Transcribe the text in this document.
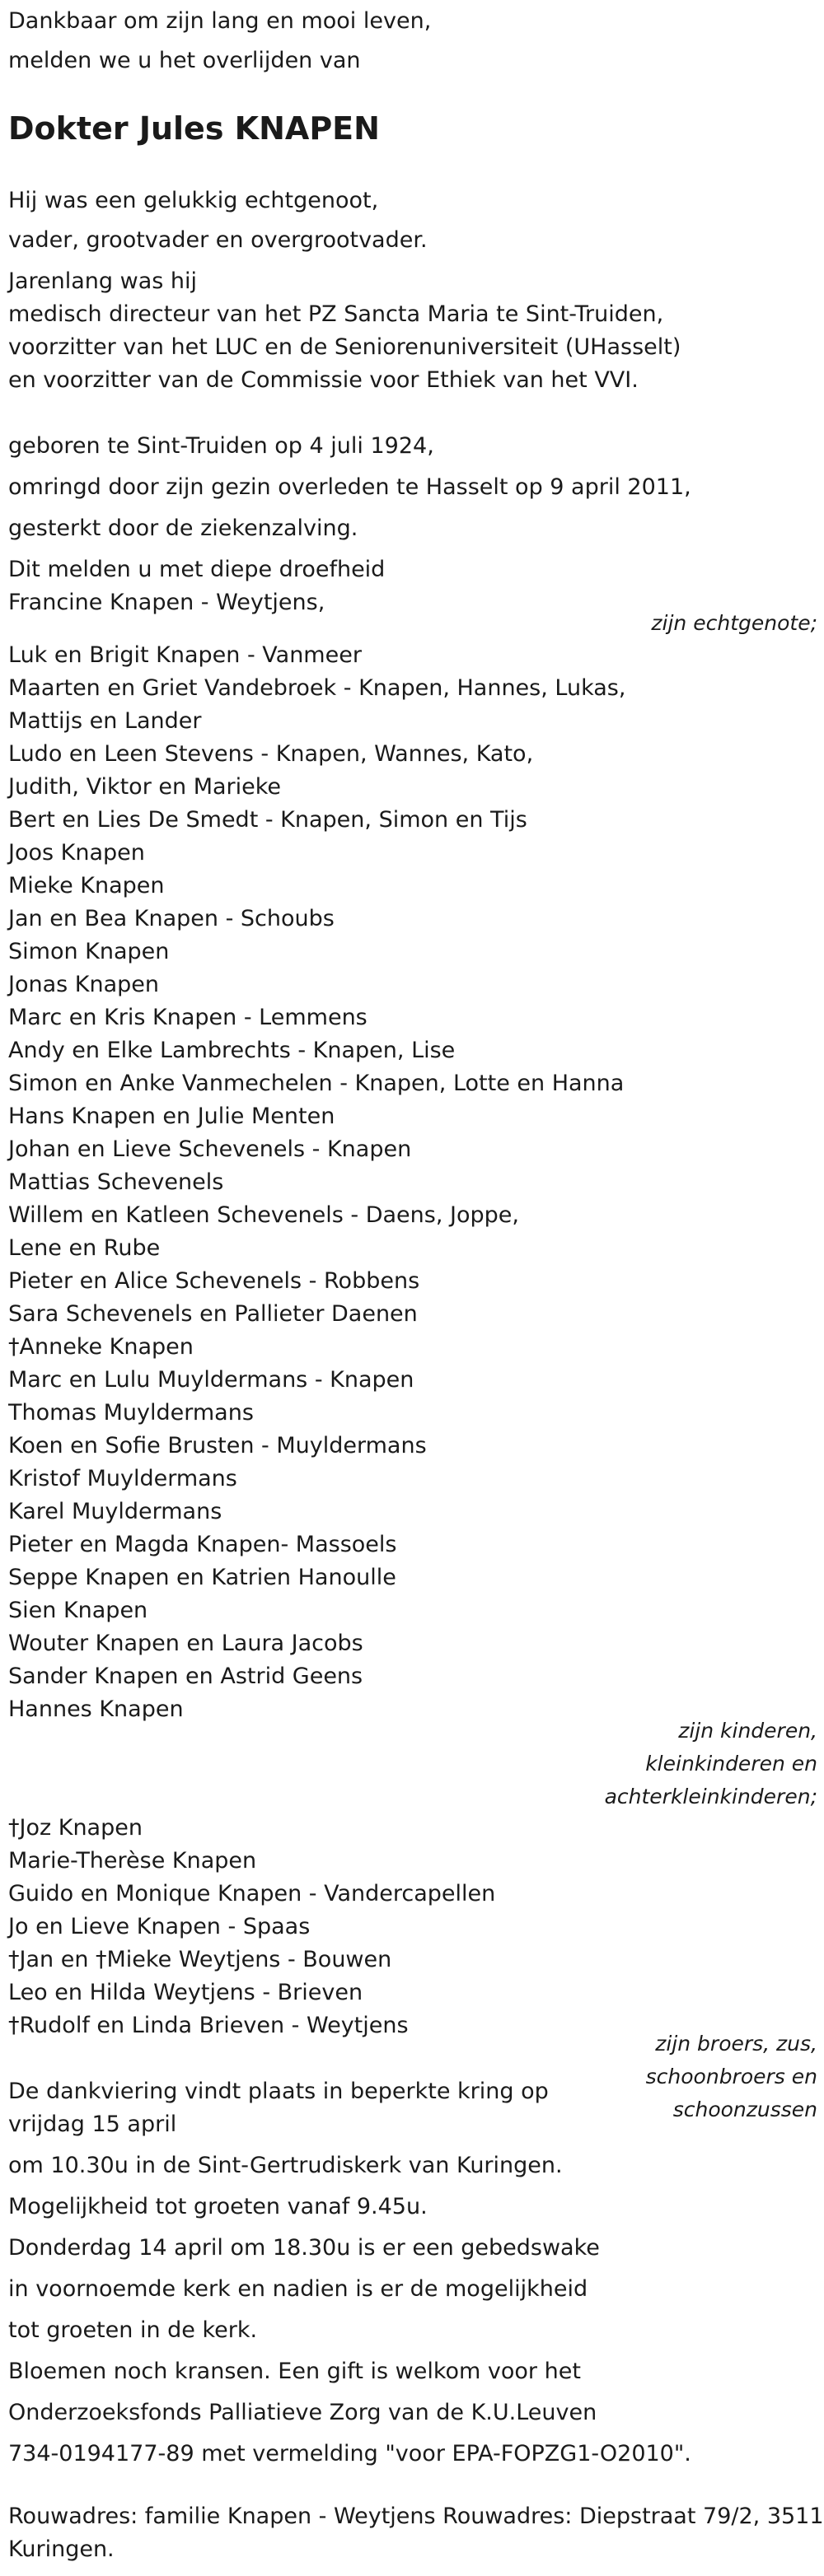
Dankbaar om zijn lang en mooi leven,
melden we u het overlijden van
Dokter Jules KNAPEN
Hij was een gelukkig echtgenoot,
vader, grootvader en overgrootvader.
Jarenlang was hij
medisch directeur van het PZ Sancta Maria te Sint-Truiden,
voorzitter van het LUC en de Seniorenuniversiteit (UHasselt)
en voorzitter van de Commissie voor Ethiek van het VVI.
geboren te Sint-Truiden op 4 juli 1924,
omringd door zijn gezin overleden te Hasselt op 9 april 2011,
gesterkt door de ziekenzalving.
Dit melden u met diepe droefheid
Francine Knapen - Weytjens,
zijn echtgenote;
Luk en Brigit Knapen - Vanmeer
Maarten en Griet Vandebroek - Knapen, Hannes, Lukas,
Mattijs en Lander
Ludo en Leen Stevens - Knapen, Wannes, Kato,
Judith, Viktor en Marieke
Bert en Lies De Smedt - Knapen, Simon en Tijs
Joos Knapen
Mieke Knapen
Jan en Bea Knapen - Schoubs
Simon Knapen
Jonas Knapen
Marc en Kris Knapen - Lemmens
Andy en Elke Lambrechts - Knapen, Lise
Simon en Anke Vanmechelen - Knapen, Lotte en Hanna
Hans Knapen en Julie Menten
Johan en Lieve Schevenels - Knapen
Mattias Schevenels
Willem en Katleen Schevenels - Daens, Joppe,
Lene en Rube
Pieter en Alice Schevenels - Robbens
Sara Schevenels en Pallieter Daenen
†Anneke Knapen
Marc en Lulu Muyldermans - Knapen
Thomas Muyldermans
Koen en Sofie Brusten - Muyldermans
Kristof Muyldermans
Karel Muyldermans
Pieter en Magda Knapen- Massoels
Seppe Knapen en Katrien Hanoulle
Sien Knapen
Wouter Knapen en Laura Jacobs
Sander Knapen en Astrid Geens
Hannes Knapen
zijn kinderen,
kleinkinderen en
achterkleinkinderen;
†Joz Knapen
Marie-Therèse Knapen
Guido en Monique Knapen - Vandercapellen
Jo en Lieve Knapen - Spaas
†Jan en †Mieke Weytjens - Bouwen
Leo en Hilda Weytjens - Brieven
†Rudolf en Linda Brieven - Weytjens
zijn broers, zus,
schoonbroers en
schoonzussen
De dankviering vindt plaats in beperkte kring op
vrijdag 15 april
om 10.30u in de Sint-Gertrudiskerk van Kuringen.
Mogelijkheid tot groeten vanaf 9.45u.
Donderdag 14 april om 18.30u is er een gebedswake
in voornoemde kerk en nadien is er de mogelijkheid
tot groeten in de kerk.
Bloemen noch kransen. Een gift is welkom voor het
Onderzoeksfonds Palliatieve Zorg van de K.U.Leuven
734-0194177-89 met vermelding "voor EPA-FOPZG1-O2010".
Rouwadres: familie Knapen - Weytjens Rouwadres: Diepstraat 79/2, 3511
Kuringen.
